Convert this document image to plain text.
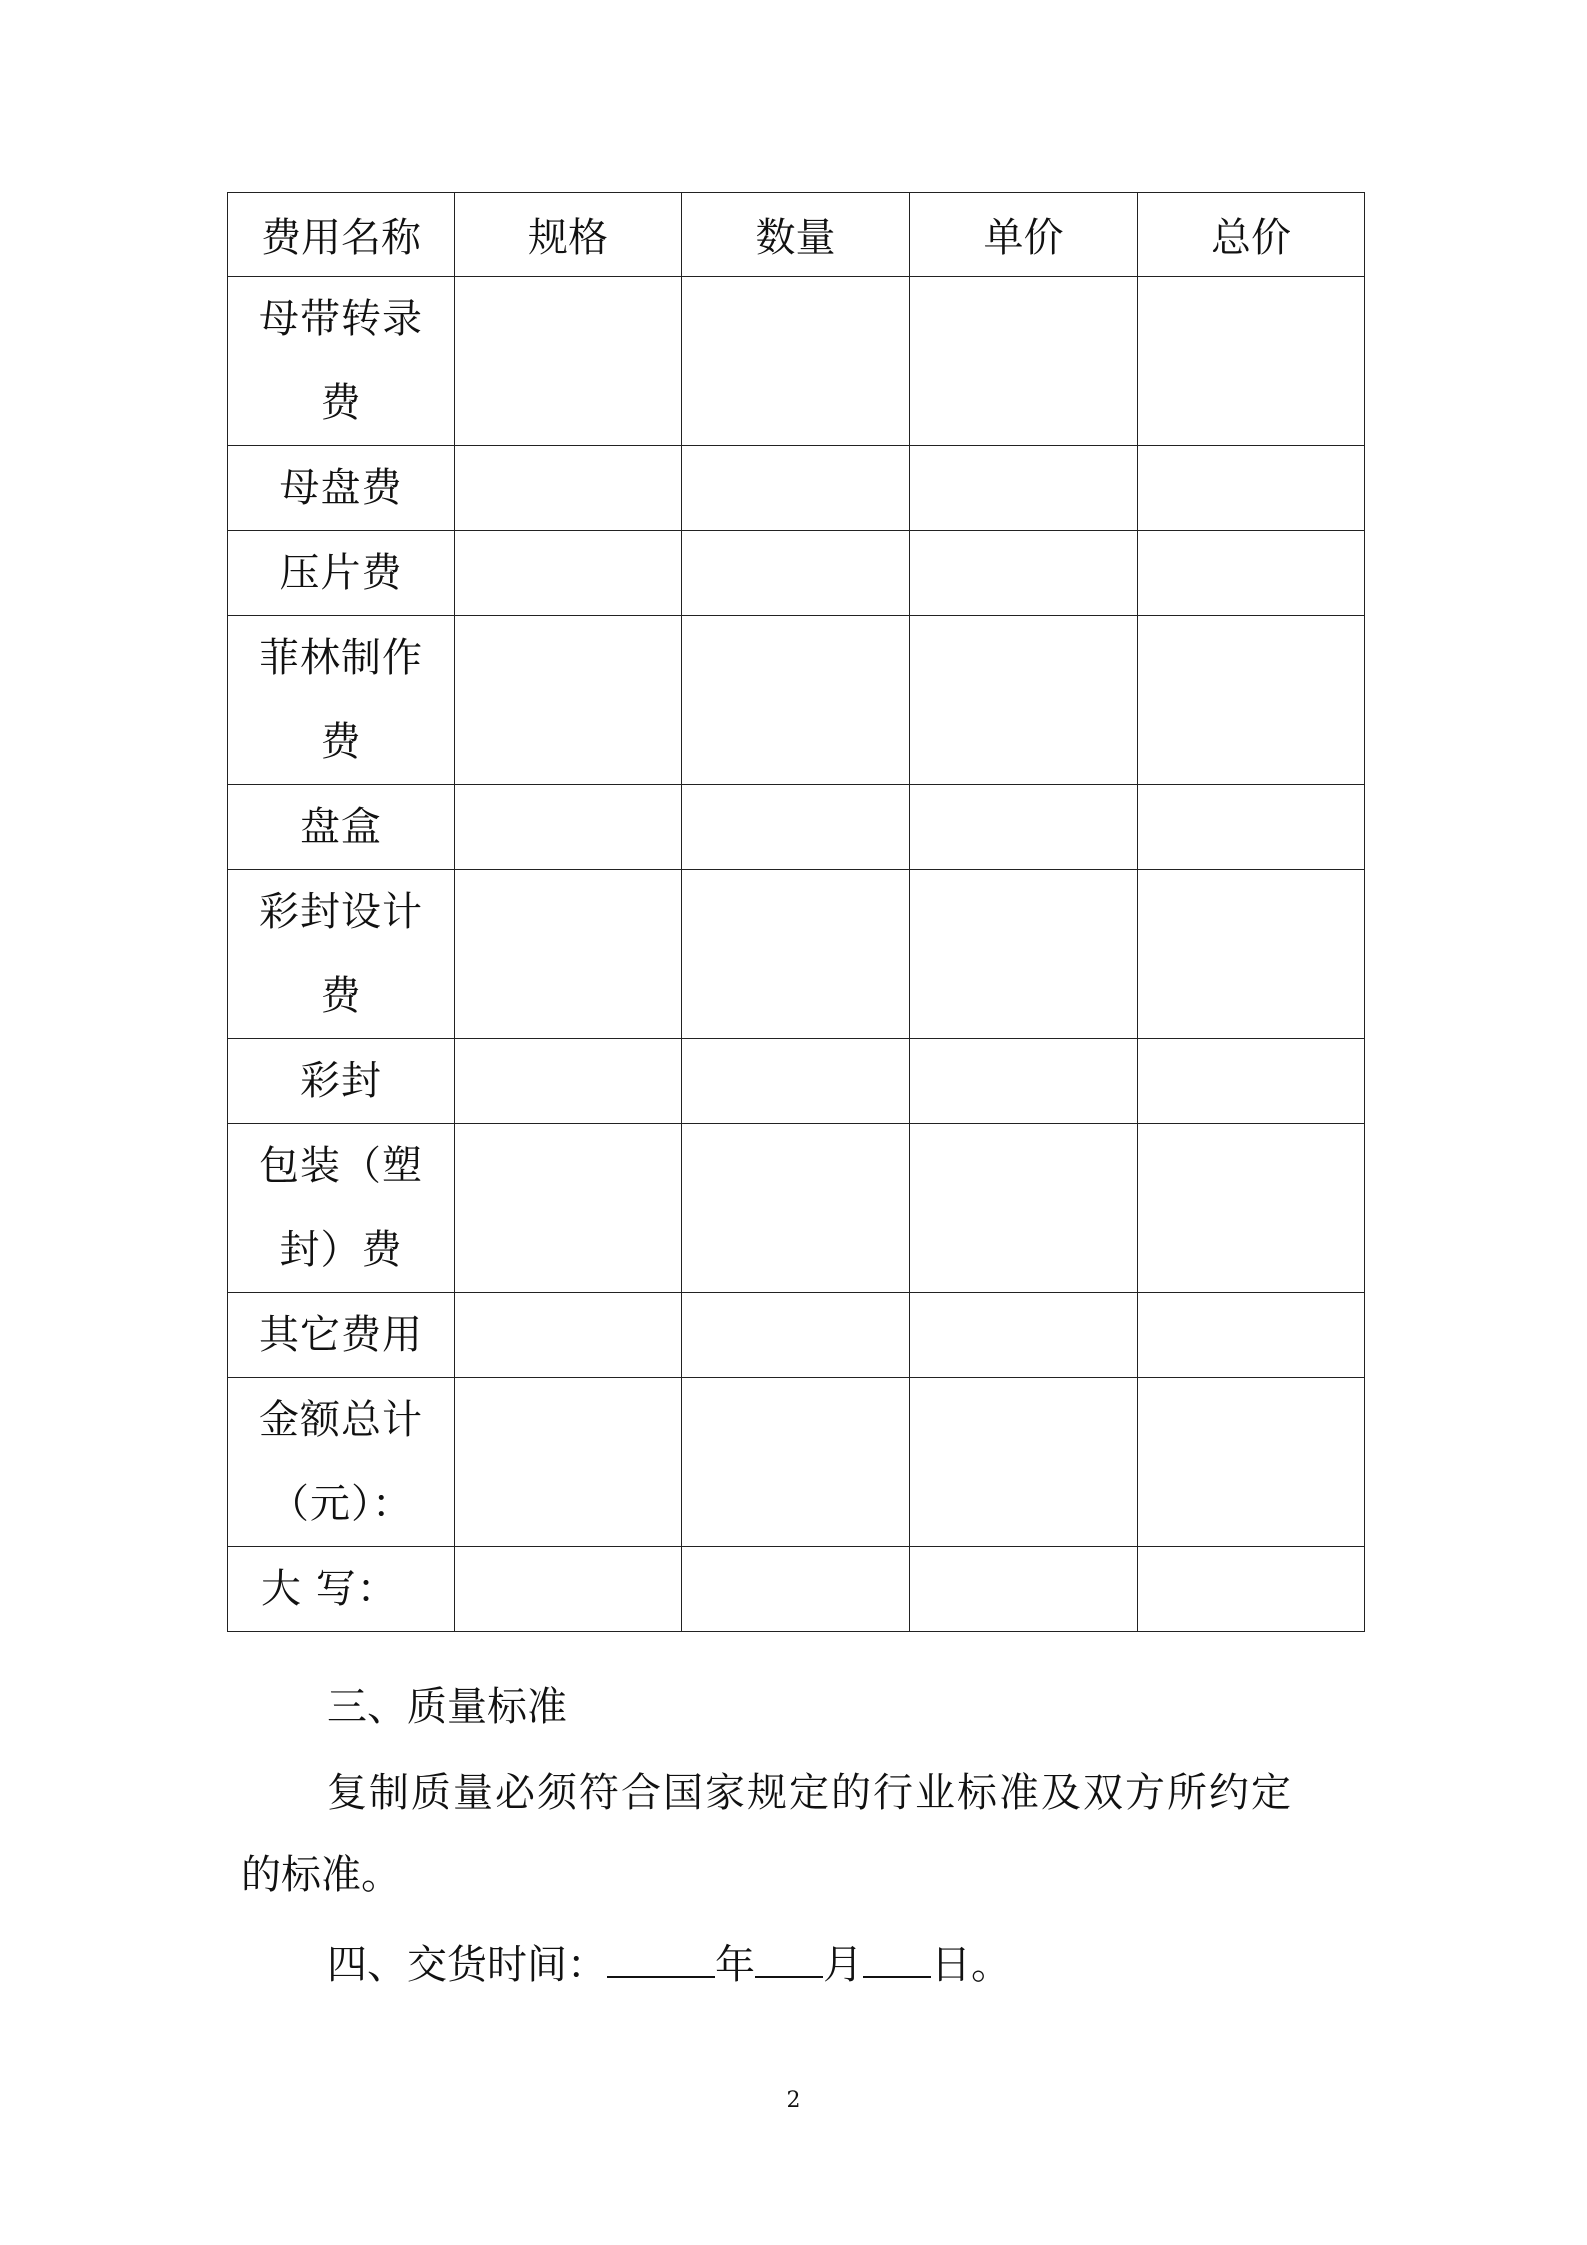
费用名称	规格	数量	单价	总价
母带转录费				
母盘费				
压片费				
菲林制作费				
盘盒				
彩封设计费				
彩封				
包装（塑封）费				
其它费用				
金额总计（元）：				
大 写：				
三、质量标准
复制质量必须符合国家规定的行业标准及双方所约定
的标准。
四、交货时间：	年 月 日。
2
